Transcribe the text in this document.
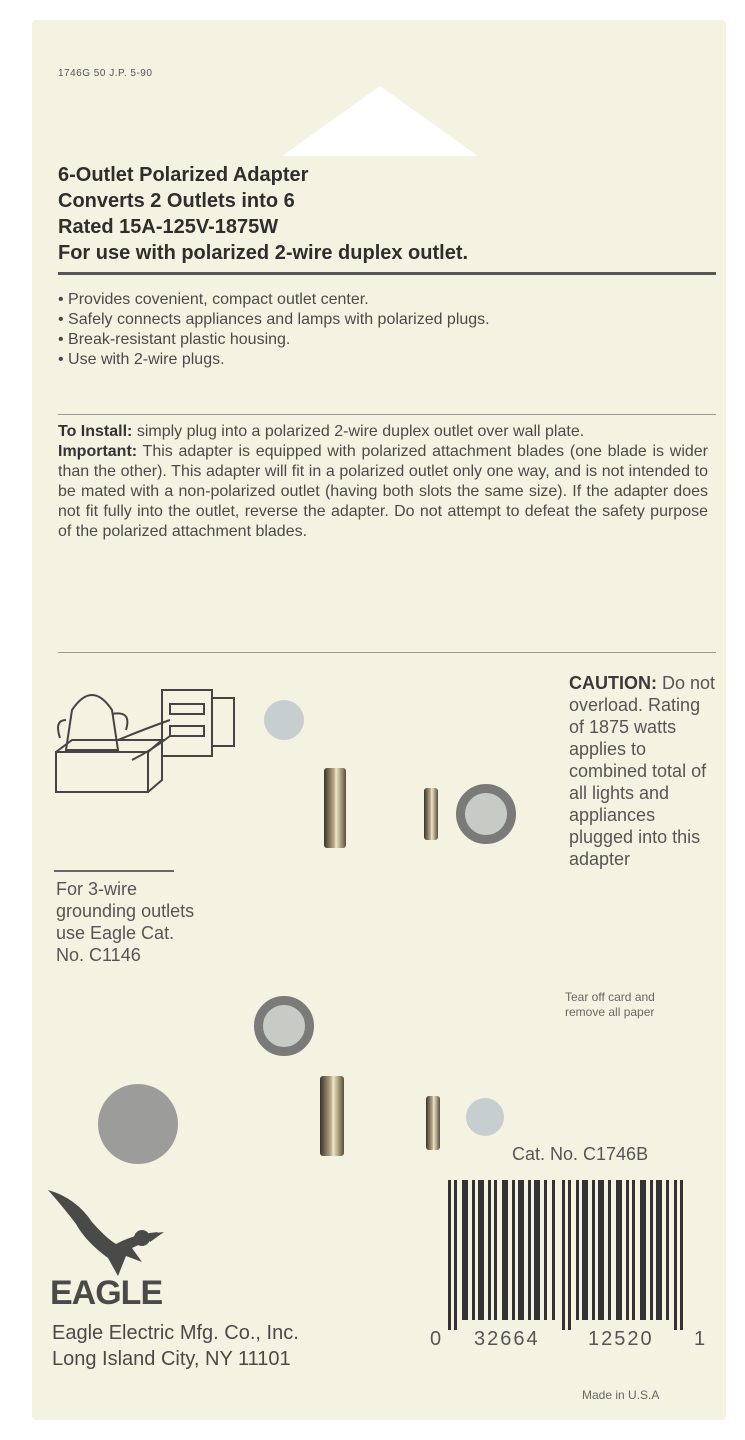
1746G 50 J.P. 5-90
6-Outlet Polarized Adapter
Converts 2 Outlets into 6
Rated 15A-125V-1875W
For use with polarized 2-wire duplex outlet.
• Provides covenient, compact outlet center.
• Safely connects appliances and lamps with polarized plugs.
• Break-resistant plastic housing.
• Use with 2-wire plugs.
To Install: simply plug into a polarized 2-wire duplex outlet over wall plate.
Important: This adapter is equipped with polarized attachment blades (one blade is wider than the other). This adapter will fit in a polarized outlet only one way, and is not intended to be mated with a non-polarized outlet (having both slots the same size). If the adapter does not fit fully into the outlet, reverse the adapter. Do not attempt to defeat the safety purpose of the polarized attachment blades.
CAUTION: Do not overload. Rating of 1875 watts applies to combined total of all lights and appliances plugged into this adapter
For 3-wire grounding outlets use Eagle Cat. No. C1146
Tear off card and
remove all paper
Cat. No. C1746B
EAGLE
Eagle Electric Mfg. Co., Inc.
Long Island City, NY 11101
0 32664 12520 1
Made in U.S.A
